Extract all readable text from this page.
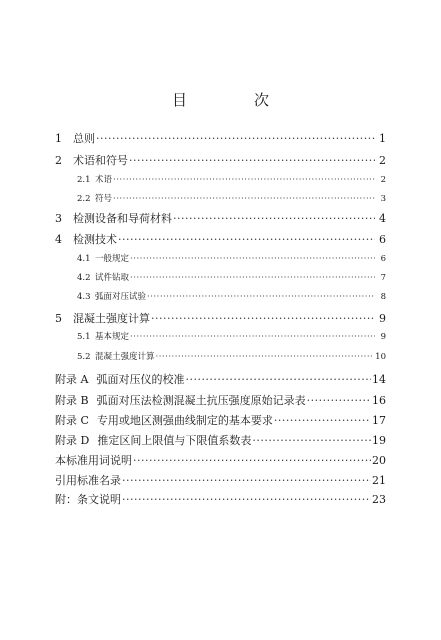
目　次
1	总则 ·····	1
2	术语和符号 ·····	2
2.1 术语 ·····	2
2.2 符号 ·····	3
3	检测设备和导荷材料 ·····	4
4	检测技术 ·····	6
4.1 一般规定 ·····	6
4.2 试件钻取 ·····	7
4.3 弧面对压试验 ·····	8
5	混凝土强度计算 ·····	9
5.1 基本规定 ·····	9
5.2 混凝土强度计算 ·····	10
附录 A 弧面对压仪的校准 ·····	14
附录 B 弧面对压法检测混凝土抗压强度原始记录表 ·····	16
附录 C 专用或地区测强曲线制定的基本要求 ·····	17
附录 D 推定区间上限值与下限值系数表 ·····	19
本标准用词说明 ·····	20
引用标准名录 ·····	21
附：条文说明 ·····	23
